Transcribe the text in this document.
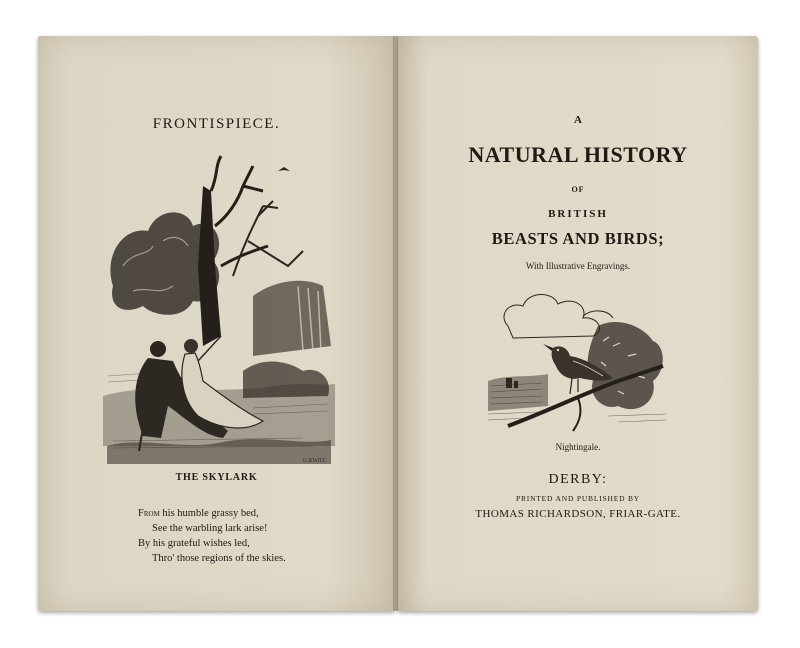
FRONTISPIECE.
O.JEWITT.
THE SKYLARK
From his humble grassy bed,
See the warbling lark arise!
By his grateful wishes led,
Thro' those regions of the skies.
A
NATURAL HISTORY
OF
BRITISH
BEASTS AND BIRDS;
With Illustrative Engravings.
Nightingale.
DERBY:
PRINTED AND PUBLISHED BY
THOMAS RICHARDSON, FRIAR-GATE.
